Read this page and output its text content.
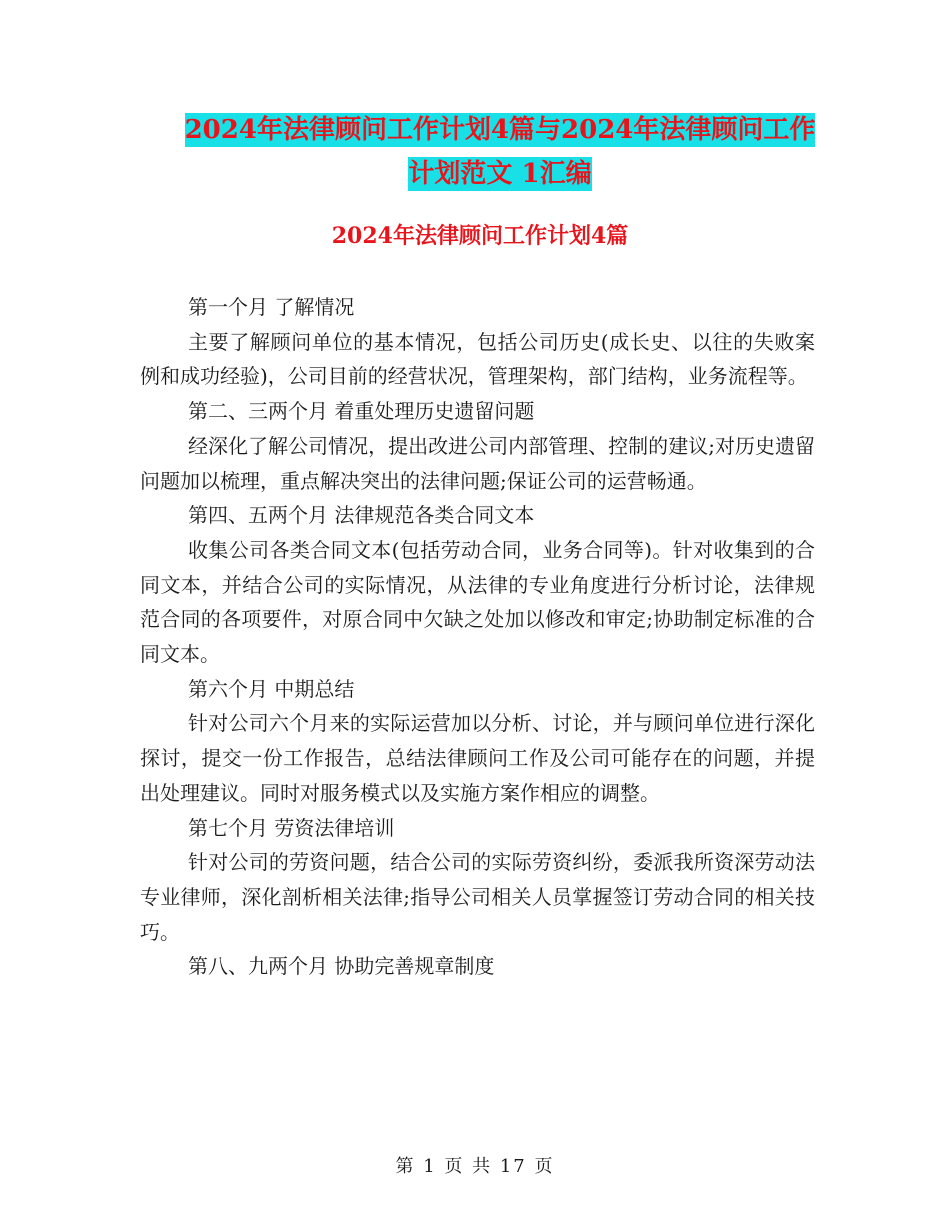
2024年法律顾问工作计划4篇与2024年法律顾问工作
计划范文 1汇编
2024年法律顾问工作计划4篇

第一个月 了解情况

主要了解顾问单位的基本情况，包括公司历史(成长史、以往的失败案例和成功经验)，公司目前的经营状况，管理架构，部门结构，业务流程等。

第二、三两个月 着重处理历史遗留问题

经深化了解公司情况，提出改进公司内部管理、控制的建议;对历史遗留问题加以梳理，重点解决突出的法律问题;保证公司的运营畅通。

第四、五两个月 法律规范各类合同文本

收集公司各类合同文本(包括劳动合同，业务合同等)。针对收集到的合同文本，并结合公司的实际情况，从法律的专业角度进行分析讨论，法律规范合同的各项要件，对原合同中欠缺之处加以修改和审定;协助制定标准的合同文本。

第六个月 中期总结

针对公司六个月来的实际运营加以分析、讨论，并与顾问单位进行深化探讨，提交一份工作报告，总结法律顾问工作及公司可能存在的问题，并提出处理建议。同时对服务模式以及实施方案作相应的调整。

第七个月 劳资法律培训

针对公司的劳资问题，结合公司的实际劳资纠纷，委派我所资深劳动法专业律师，深化剖析相关法律;指导公司相关人员掌握签订劳动合同的相关技巧。

第八、九两个月 协助完善规章制度

第 1 页 共 17 页
